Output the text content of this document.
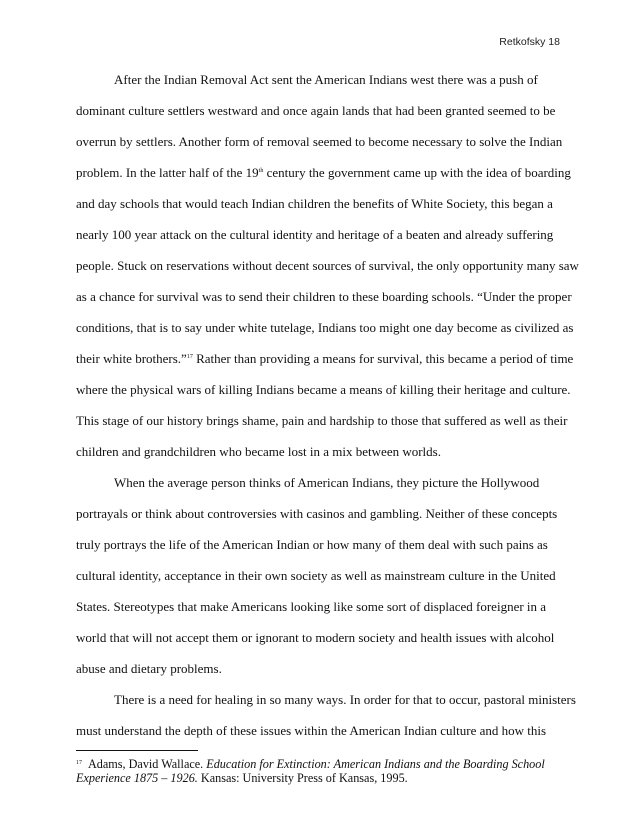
Retkofsky 18
After the Indian Removal Act sent the American Indians west there was a push of
dominant culture settlers westward and once again lands that had been granted seemed to be
overrun by settlers. Another form of removal seemed to become necessary to solve the Indian
problem. In the latter half of the 19th century the government came up with the idea of boarding
and day schools that would teach Indian children the benefits of White Society, this began a
nearly 100 year attack on the cultural identity and heritage of a beaten and already suffering
people. Stuck on reservations without decent sources of survival, the only opportunity many saw
as a chance for survival was to send their children to these boarding schools. “Under the proper
conditions, that is to say under white tutelage, Indians too might one day become as civilized as
their white brothers.”$^{17}$ Rather than providing a means for survival, this became a period of time
where the physical wars of killing Indians became a means of killing their heritage and culture.
This stage of our history brings shame, pain and hardship to those that suffered as well as their
children and grandchildren who became lost in a mix between worlds.
When the average person thinks of American Indians, they picture the Hollywood
portrayals or think about controversies with casinos and gambling. Neither of these concepts
truly portrays the life of the American Indian or how many of them deal with such pains as
cultural identity, acceptance in their own society as well as mainstream culture in the United
States. Stereotypes that make Americans looking like some sort of displaced foreigner in a
world that will not accept them or ignorant to modern society and health issues with alcohol
abuse and dietary problems.
There is a need for healing in so many ways. In order for that to occur, pastoral ministers
must understand the depth of these issues within the American Indian culture and how this
$^{17}$ Adams, David Wallace. Education for Extinction: American Indians and the Boarding School
Experience 1875 – 1926. Kansas: University Press of Kansas, 1995.
